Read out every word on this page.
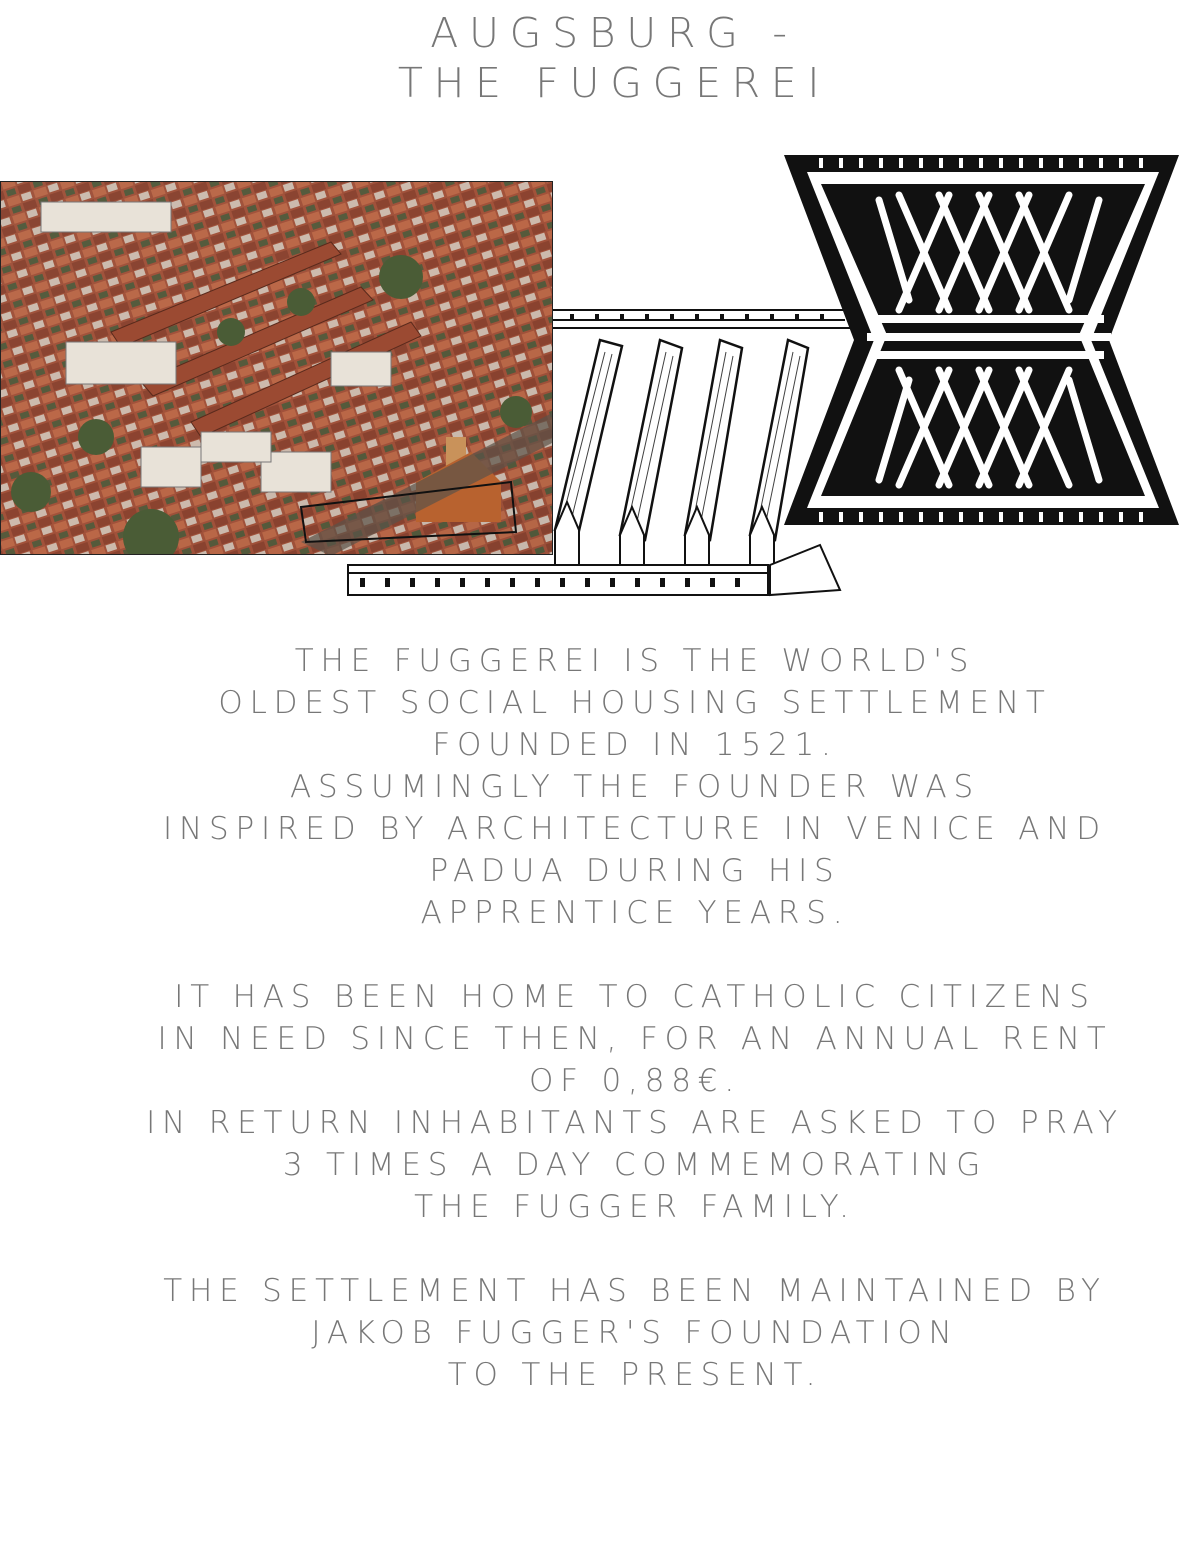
AUGSBURG -
THE FUGGEREI
THE FUGGEREI IS THE WORLD'S
OLDEST SOCIAL HOUSING SETTLEMENT
FOUNDED IN 1521.
ASSUMINGLY THE FOUNDER WAS
INSPIRED BY ARCHITECTURE IN VENICE AND
PADUA DURING HIS
APPRENTICE YEARS.
IT HAS BEEN HOME TO CATHOLIC CITIZENS
IN NEED SINCE THEN, FOR AN ANNUAL RENT
OF 0,88€.
IN RETURN INHABITANTS ARE ASKED TO PRAY
3 TIMES A DAY COMMEMORATING
THE FUGGER FAMILY.
THE SETTLEMENT HAS BEEN MAINTAINED BY
JAKOB FUGGER'S FOUNDATION
TO THE PRESENT.
